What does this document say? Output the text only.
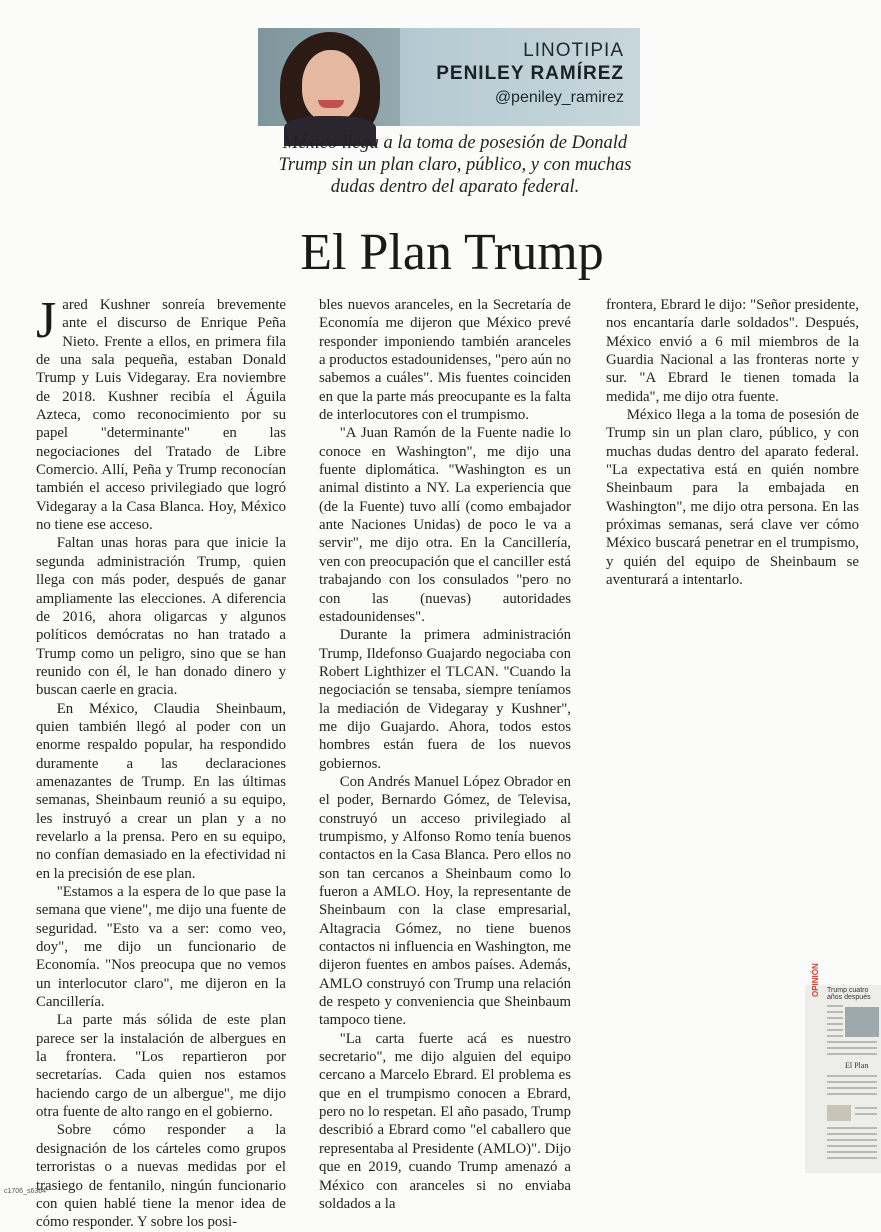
LINOTIPIA
PENILEY RAMÍREZ
@peniley_ramirez
México llega a la toma de posesión de Donald Trump sin un plan claro, público, y con muchas dudas dentro del aparato federal.
El Plan Trump

Jared Kushner sonreía brevemente ante el discurso de Enrique Peña Nieto. Frente a ellos, en primera fila de una sala pequeña, estaban Donald Trump y Luis Videgaray. Era noviembre de 2018. Kushner recibía el Águila Azteca, como reconocimiento por su papel "determinante" en las negociaciones del Tratado de Libre Comercio. Allí, Peña y Trump reconocían también el acceso privilegiado que logró Videgaray a la Casa Blanca. Hoy, México no tiene ese acceso.

Faltan unas horas para que inicie la segunda administración Trump, quien llega con más poder, después de ganar ampliamente las elecciones. A diferencia de 2016, ahora oligarcas y algunos políticos demócratas no han tratado a Trump como un peligro, sino que se han reunido con él, le han donado dinero y buscan caerle en gracia.

En México, Claudia Sheinbaum, quien también llegó al poder con un enorme respaldo popular, ha respondido duramente a las declaraciones amenazantes de Trump. En las últimas semanas, Sheinbaum reunió a su equipo, les instruyó a crear un plan y a no revelarlo a la prensa. Pero en su equipo, no confían demasiado en la efectividad ni en la precisión de ese plan.

"Estamos a la espera de lo que pase la semana que viene", me dijo una fuente de seguridad. "Esto va a ser: como veo, doy", me dijo un funcionario de Economía. "Nos preocupa que no vemos un interlocutor claro", me dijeron en la Cancillería.

La parte más sólida de este plan parece ser la instalación de albergues en la frontera. "Los repartieron por secretarías. Cada quien nos estamos haciendo cargo de un albergue", me dijo otra fuente de alto rango en el gobierno.

Sobre cómo responder a la designación de los cárteles como grupos terroristas o a nuevas medidas por el trasiego de fentanilo, ningún funcionario con quien hablé tiene la menor idea de cómo responder. Y sobre los posi-

bles nuevos aranceles, en la Secretaría de Economía me dijeron que México prevé responder imponiendo también aranceles a productos estadounidenses, "pero aún no sabemos a cuáles". Mis fuentes coinciden en que la parte más preocupante es la falta de interlocutores con el trumpismo.

"A Juan Ramón de la Fuente nadie lo conoce en Washington", me dijo una fuente diplomática. "Washington es un animal distinto a NY. La experiencia que (de la Fuente) tuvo allí (como embajador ante Naciones Unidas) de poco le va a servir", me dijo otra. En la Cancillería, ven con preocupación que el canciller está trabajando con los consulados "pero no con las (nuevas) autoridades estadounidenses".

Durante la primera administración Trump, Ildefonso Guajardo negociaba con Robert Lighthizer el TLCAN. "Cuando la negociación se tensaba, siempre teníamos la mediación de Videgaray y Kushner", me dijo Guajardo. Ahora, todos estos hombres están fuera de los nuevos gobiernos.

Con Andrés Manuel López Obrador en el poder, Bernardo Gómez, de Televisa, construyó un acceso privilegiado al trumpismo, y Alfonso Romo tenía buenos contactos en la Casa Blanca. Pero ellos no son tan cercanos a Sheinbaum como lo fueron a AMLO. Hoy, la representante de Sheinbaum con la clase empresarial, Altagracia Gómez, no tiene buenos contactos ni influencia en Washington, me dijeron fuentes en ambos países. Además, AMLO construyó con Trump una relación de respeto y conveniencia que Sheinbaum tampoco tiene.

"La carta fuerte acá es nuestro secretario", me dijo alguien del equipo cercano a Marcelo Ebrard. El problema es que en el trumpismo conocen a Ebrard, pero no lo respetan. El año pasado, Trump describió a Ebrard como "el caballero que representaba al Presidente (AMLO)". Dijo que en 2019, cuando Trump amenazó a México con aranceles si no enviaba soldados a la

frontera, Ebrard le dijo: "Señor presidente, nos encantaría darle soldados". Después, México envió a 6 mil miembros de la Guardia Nacional a las fronteras norte y sur. "A Ebrard le tienen tomada la medida", me dijo otra fuente.

México llega a la toma de posesión de Trump sin un plan claro, público, y con muchas dudas dentro del aparato federal. "La expectativa está en quién nombre Sheinbaum para la embajada en Washington", me dijo otra persona. En las próximas semanas, será clave ver cómo México buscará penetrar en el trumpismo, y quién del equipo de Sheinbaum se aventurará a intentarlo.

OPINIÓN Trump cuatro años después
El Plan
c1706_s6364
